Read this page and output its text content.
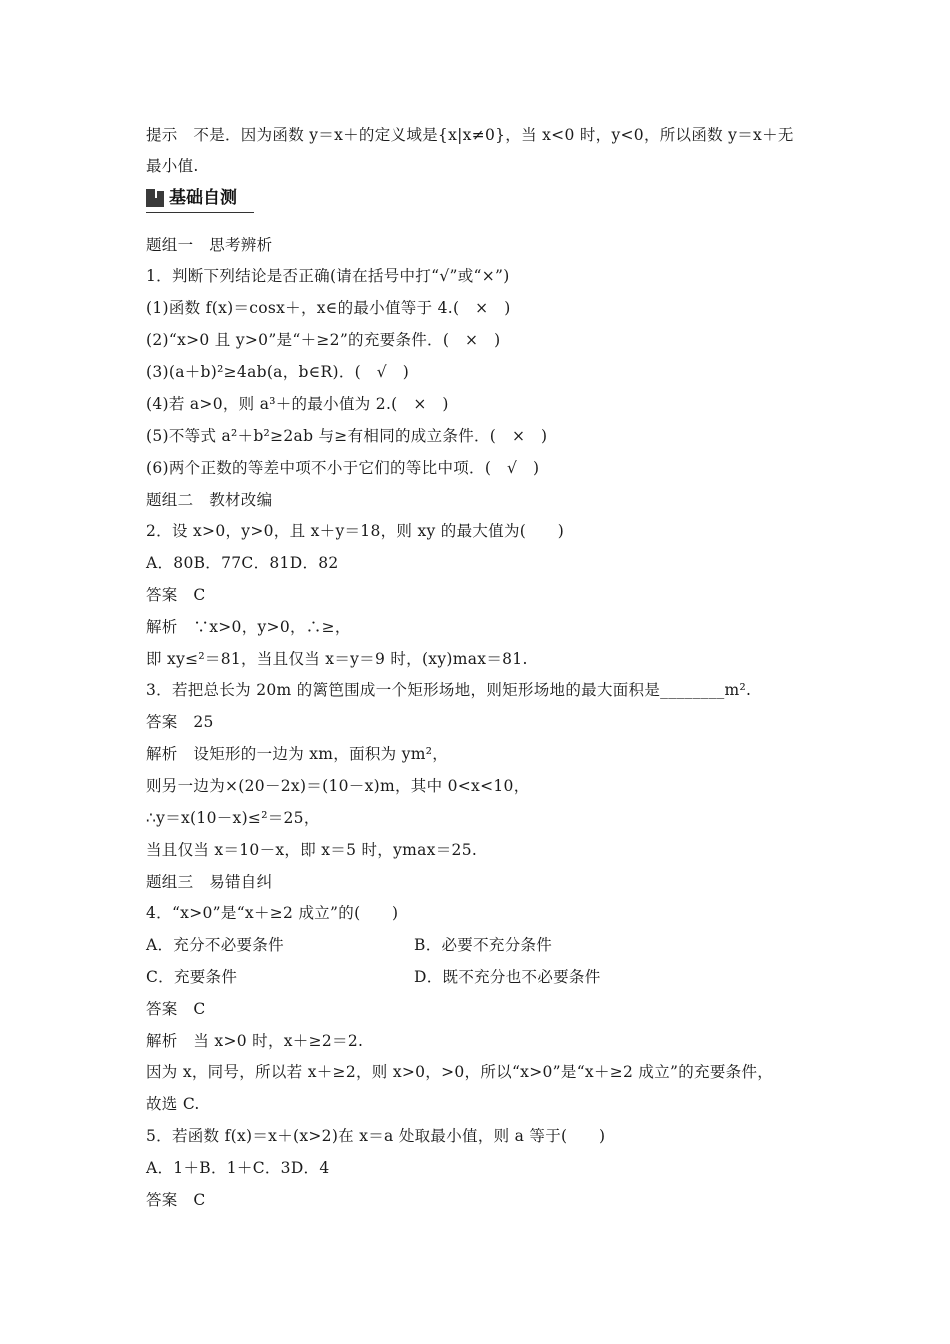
提示　不是．因为函数 y＝x＋的定义域是{x|x≠0}，当 x<0 时，y<0，所以函数 y＝x＋无
最小值.
基础自测
题组一　思考辨析
1．判断下列结论是否正确(请在括号中打“√”或“×”)
(1)函数 f(x)＝cosx＋，x∈的最小值等于 4.(　×　)
(2)“x>0 且 y>0”是“＋≥2”的充要条件．(　×　)
(3)(a＋b)²≥4ab(a，b∈R)．(　√　)
(4)若 a>0，则 a³＋的最小值为 2.(　×　)
(5)不等式 a²＋b²≥2ab 与≥有相同的成立条件．(　×　)
(6)两个正数的等差中项不小于它们的等比中项．(　√　)
题组二　教材改编
2．设 x>0，y>0，且 x＋y＝18，则 xy 的最大值为(　　)
A．80B．77C．81D．82
答案　C
解析　∵x>0，y>0，∴≥，
即 xy≤²＝81，当且仅当 x＝y＝9 时，(xy)max＝81.
3．若把总长为 20m 的篱笆围成一个矩形场地，则矩形场地的最大面积是________m².
答案　25
解析　设矩形的一边为 xm，面积为 ym²，
则另一边为×(20－2x)＝(10－x)m，其中 0<x<10，
∴y＝x(10－x)≤²＝25，
当且仅当 x＝10－x，即 x＝5 时，ymax＝25.
题组三　易错自纠
4．“x>0”是“x＋≥2 成立”的(　　)
A．充分不必要条件	B．必要不充分条件
C．充要条件	D．既不充分也不必要条件
答案　C
解析　当 x>0 时，x＋≥2＝2.
因为 x，同号，所以若 x＋≥2，则 x>0，>0，所以“x>0”是“x＋≥2 成立”的充要条件，
故选 C.
5．若函数 f(x)＝x＋(x>2)在 x＝a 处取最小值，则 a 等于(　　)
A．1＋B．1＋C．3D．4
答案　C
